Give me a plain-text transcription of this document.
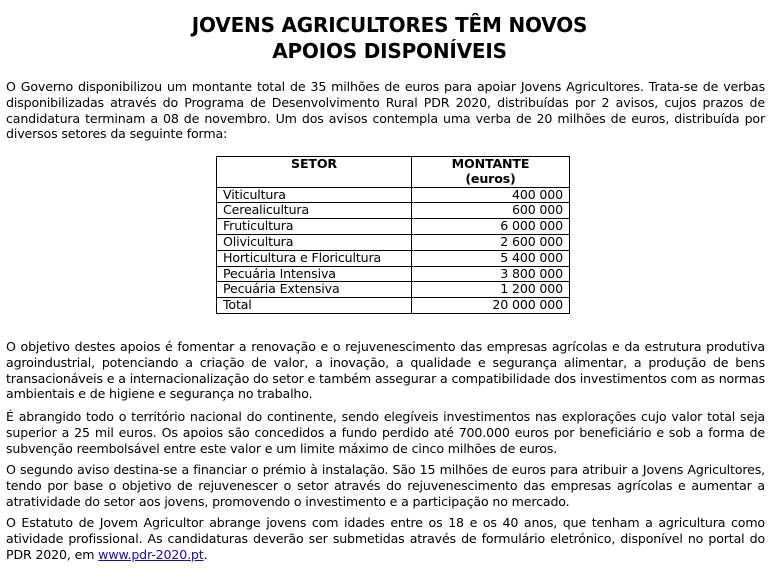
JOVENS AGRICULTORES TÊM NOVOS
APOIOS DISPONÍVEIS

O Governo disponibilizou um montante total de 35 milhões de euros para apoiar Jovens Agricultores. Trata-se de verbas disponibilizadas através do Programa de Desenvolvimento Rural PDR 2020, distribuídas por 2 avisos, cujos prazos de candidatura terminam a 08 de novembro. Um dos avisos contempla uma verba de 20 milhões de euros, distribuída por diversos setores da seguinte forma:

SETOR	MONTANTE
(euros)

Viticultura	400 000
Cerealicultura	600 000
Fruticultura	6 000 000
Olivicultura	2 600 000
Horticultura e Floricultura	5 400 000
Pecuária Intensiva	3 800 000
Pecuária Extensiva	1 200 000
Total	20 000 000

O objetivo destes apoios é fomentar a renovação e o rejuvenescimento das empresas agrícolas e da estrutura produtiva agroindustrial, potenciando a criação de valor, a inovação, a qualidade e segurança alimentar, a produção de bens transacionáveis e a internacionalização do setor e também assegurar a compatibilidade dos investimentos com as normas ambientais e de higiene e segurança no trabalho.

É abrangido todo o território nacional do continente, sendo elegíveis investimentos nas explorações cujo valor total seja superior a 25 mil euros. Os apoios são concedidos a fundo perdido até 700.000 euros por beneficiário e sob a forma de subvenção reembolsável entre este valor e um limite máximo de cinco milhões de euros.

O segundo aviso destina-se a financiar o prémio à instalação. São 15 milhões de euros para atribuir a Jovens Agricultores, tendo por base o objetivo de rejuvenescer o setor através do rejuvenescimento das empresas agrícolas e aumentar a atratividade do setor aos jovens, promovendo o investimento e a participação no mercado.

O Estatuto de Jovem Agricultor abrange jovens com idades entre os 18 e os 40 anos, que tenham a agricultura como atividade profissional. As candidaturas deverão ser submetidas através de formulário eletrónico, disponível no portal do PDR 2020, em www.pdr-2020.pt.
